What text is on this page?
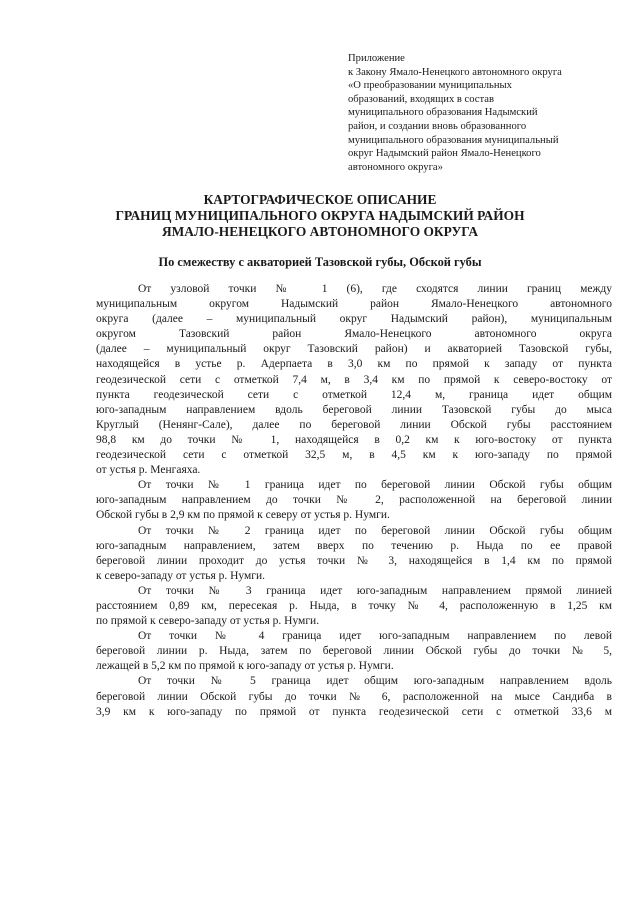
Приложение
к Закону Ямало-Ненецкого автономного округа
«О преобразовании муниципальных
образований, входящих в состав
муниципального образования Надымский
район, и создании вновь образованного
муниципального образования муниципальный
округ Надымский район Ямало-Ненецкого
автономного округа»
КАРТОГРАФИЧЕСКОЕ ОПИСАНИЕ
ГРАНИЦ МУНИЦИПАЛЬНОГО ОКРУГА НАДЫМСКИЙ РАЙОН
ЯМАЛО-НЕНЕЦКОГО АВТОНОМНОГО ОКРУГА
По смежеству с акваторией Тазовской губы, Обской губы
От узловой точки № 1 (6), где сходятся линии границ между
муниципальным округом Надымский район Ямало-Ненецкого автономного
округа (далее – муниципальный округ Надымский район), муниципальным
округом Тазовский район Ямало-Ненецкого автономного округа
(далее – муниципальный округ Тазовский район) и акваторией Тазовской губы,
находящейся в устье р. Адерпаета в 3,0 км по прямой к западу от пункта
геодезической сети с отметкой 7,4 м, в 3,4 км по прямой к северо-востоку от
пункта геодезической сети с отметкой 12,4 м, граница идет общим
юго-западным направлением вдоль береговой линии Тазовской губы до мыса
Круглый (Ненянг-Сале), далее по береговой линии Обской губы расстоянием
98,8 км до точки № 1, находящейся в 0,2 км к юго-востоку от пункта
геодезической сети с отметкой 32,5 м, в 4,5 км к юго-западу по прямой
от устья р. Менгаяха.
От точки № 1 граница идет по береговой линии Обской губы общим
юго-западным направлением до точки № 2, расположенной на береговой линии
Обской губы в 2,9 км по прямой к северу от устья р. Нумги.
От точки № 2 граница идет по береговой линии Обской губы общим
юго-западным направлением, затем вверх по течению р. Ныда по ее правой
береговой линии проходит до устья точки № 3, находящейся в 1,4 км по прямой
к северо-западу от устья р. Нумги.
От точки № 3 граница идет юго-западным направлением прямой линией
расстоянием 0,89 км, пересекая р. Ныда, в точку № 4, расположенную в 1,25 км
по прямой к северо-западу от устья р. Нумги.
От точки № 4 граница идет юго-западным направлением по левой
береговой линии р. Ныда, затем по береговой линии Обской губы до точки № 5,
лежащей в 5,2 км по прямой к юго-западу от устья р. Нумги.
От точки № 5 граница идет общим юго-западным направлением вдоль
береговой линии Обской губы до точки № 6, расположенной на мысе Сандиба в
3,9 км к юго-западу по прямой от пункта геодезической сети с отметкой 33,6 м
